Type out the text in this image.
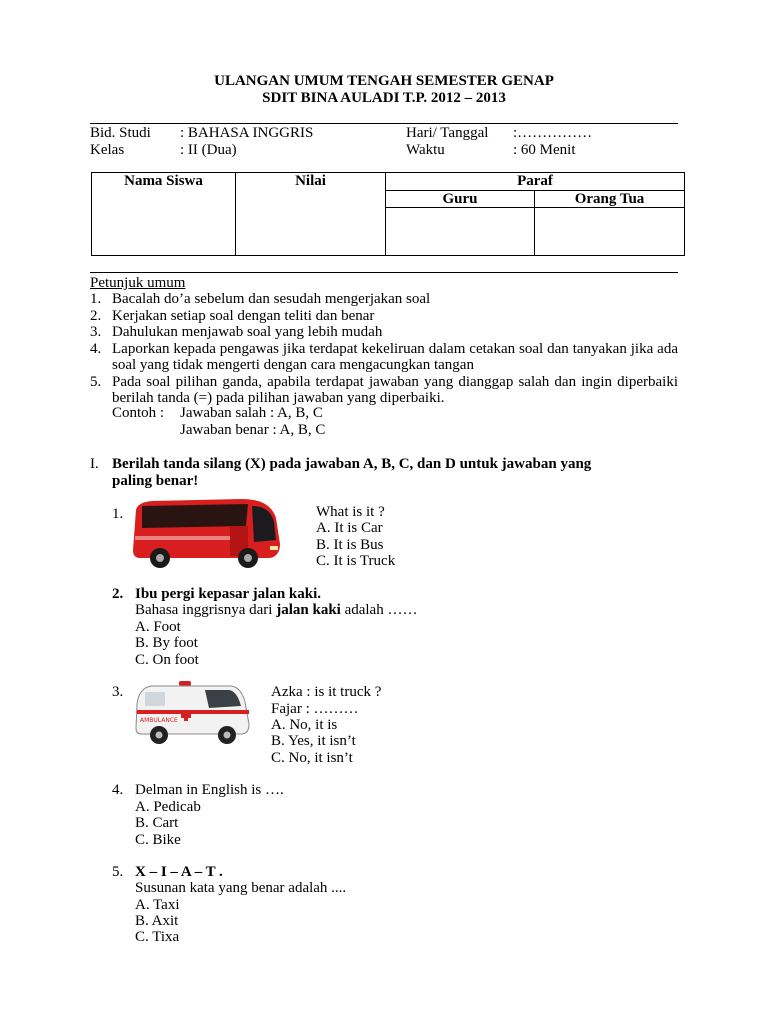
ULANGAN UMUM TENGAH SEMESTER GENAP
SDIT BINA AULADI T.P. 2012 – 2013
Bid. Studi : BAHASA INGGRIS	Hari/ Tanggal :……………
Kelas	: II (Dua)	Waktu	: 60 Menit
Nama Siswa	Nilai	Paraf	
		Guru	Orang Tua

Petunjuk umum
1. Bacalah do’a sebelum dan sesudah mengerjakan soal
2. Kerjakan setiap soal dengan teliti dan benar
3. Dahulukan menjawab soal yang lebih mudah
4. Laporkan kepada pengawas jika terdapat kekeliruan dalam cetakan soal dan tanyakan jika ada soal yang tidak mengerti dengan cara mengacungkan tangan
5. Pada soal pilihan ganda, apabila terdapat jawaban yang dianggap salah dan ingin diperbaiki berilah tanda (=) pada pilihan jawaban yang diperbaiki.
Contoh : Jawaban salah : A, B, C
Jawaban benar : A, B, C
I. Berilah tanda silang (X) pada jawaban A, B, C, dan D untuk jawaban yang
paling benar!
1.	What is it ?
A. It is Car
B. It is Bus
C. It is Truck
2. Ibu pergi kepasar jalan kaki.
Bahasa inggrisnya dari jalan kaki adalah ……
A. Foot
B. By foot
C. On foot
3.
AMBULANCE
Azka : is it truck ?
Fajar : ………
A. No, it is
B. Yes, it isn’t
C. No, it isn’t
4. Delman in English is ….
A. Pedicab
B. Cart
C. Bike
5. X – I – A – T .
Susunan kata yang benar adalah ....
A. Taxi
B. Axit
C. Tixa
